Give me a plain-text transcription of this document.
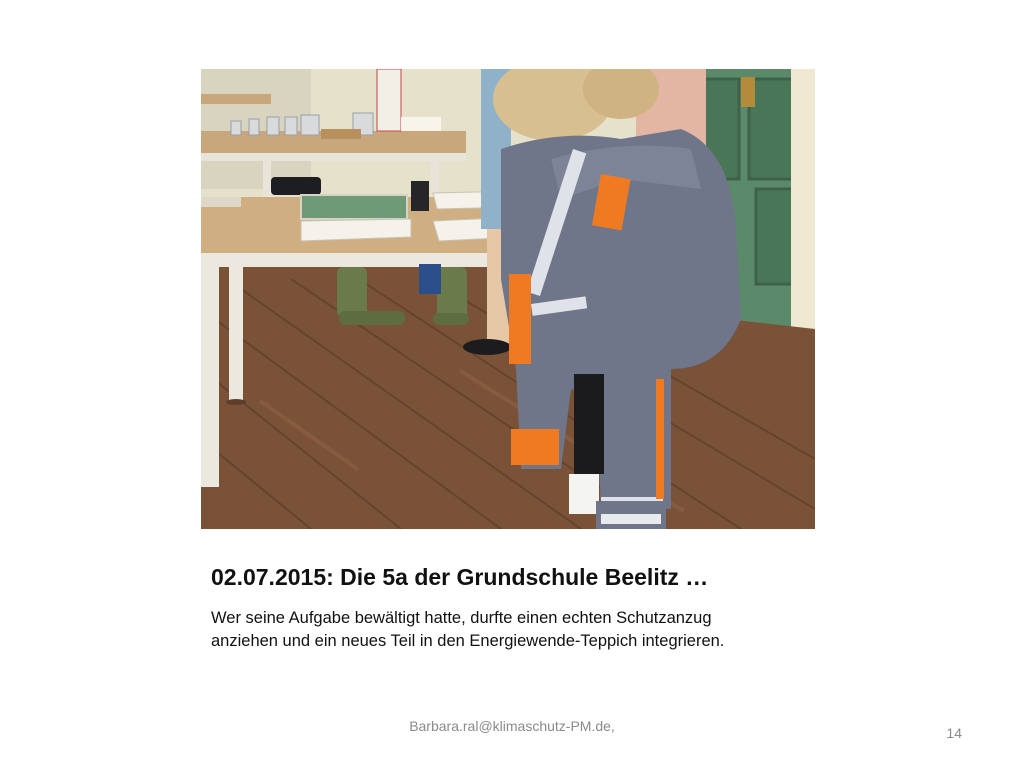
02.07.2015: Die 5a der Grundschule Beelitz …
Wer seine Aufgabe bewältigt hatte, durfte einen echten Schutzanzug
anziehen und ein neues Teil in den Energiewende-Teppich integrieren.
Barbara.ral@klimaschutz-PM.de,	14
